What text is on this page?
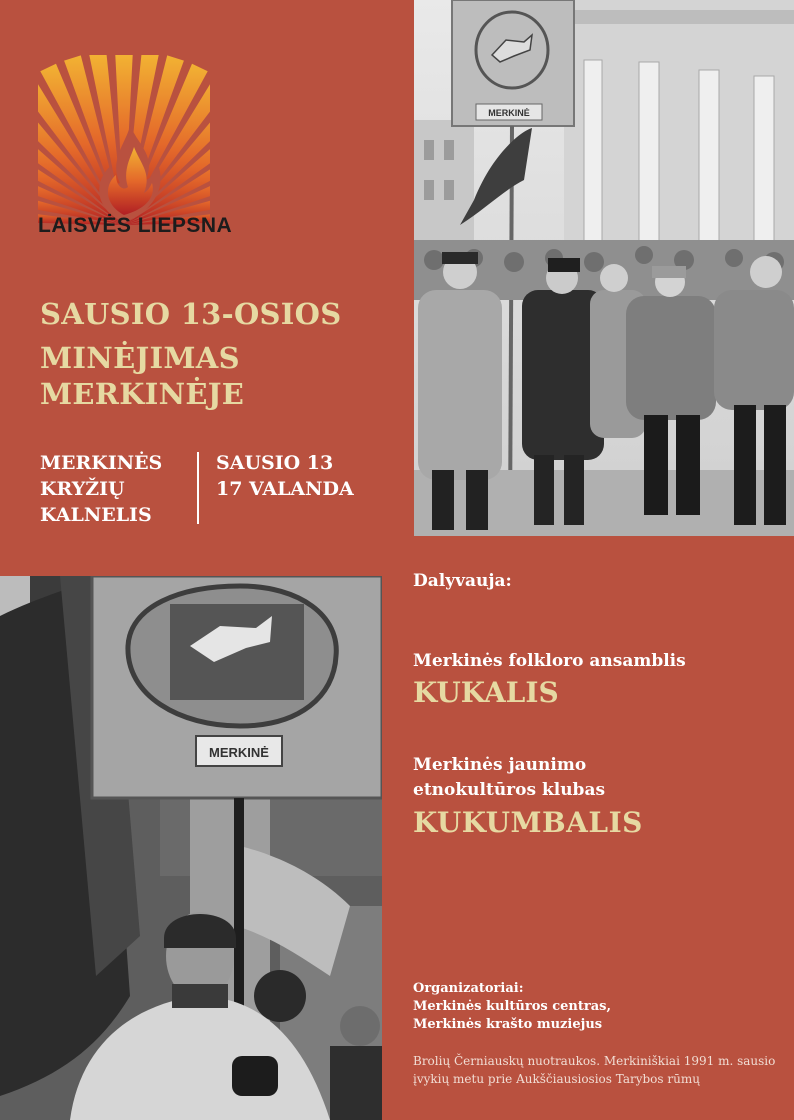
LAISVĖS LIEPSNA
SAUSIO 13-OSIOS
MINĖJIMAS
MERKINĖJE
MERKINĖS
KRYŽIŲ
KALNELIS
SAUSIO 13
17 VALANDA
MERKINĖ
MERKINĖ
Dalyvauja:
Merkinės folkloro ansamblis
KUKALIS
Merkinės jaunimo
etnokultūros klubas
KUKUMBALIS
Organizatoriai:
Merkinės kultūros centras,
Merkinės krašto muziejus
Brolių Černiauskų nuotraukos. Merkiniškiai 1991 m. sausio
įvykių metu prie Aukščiausiosios Tarybos rūmų
